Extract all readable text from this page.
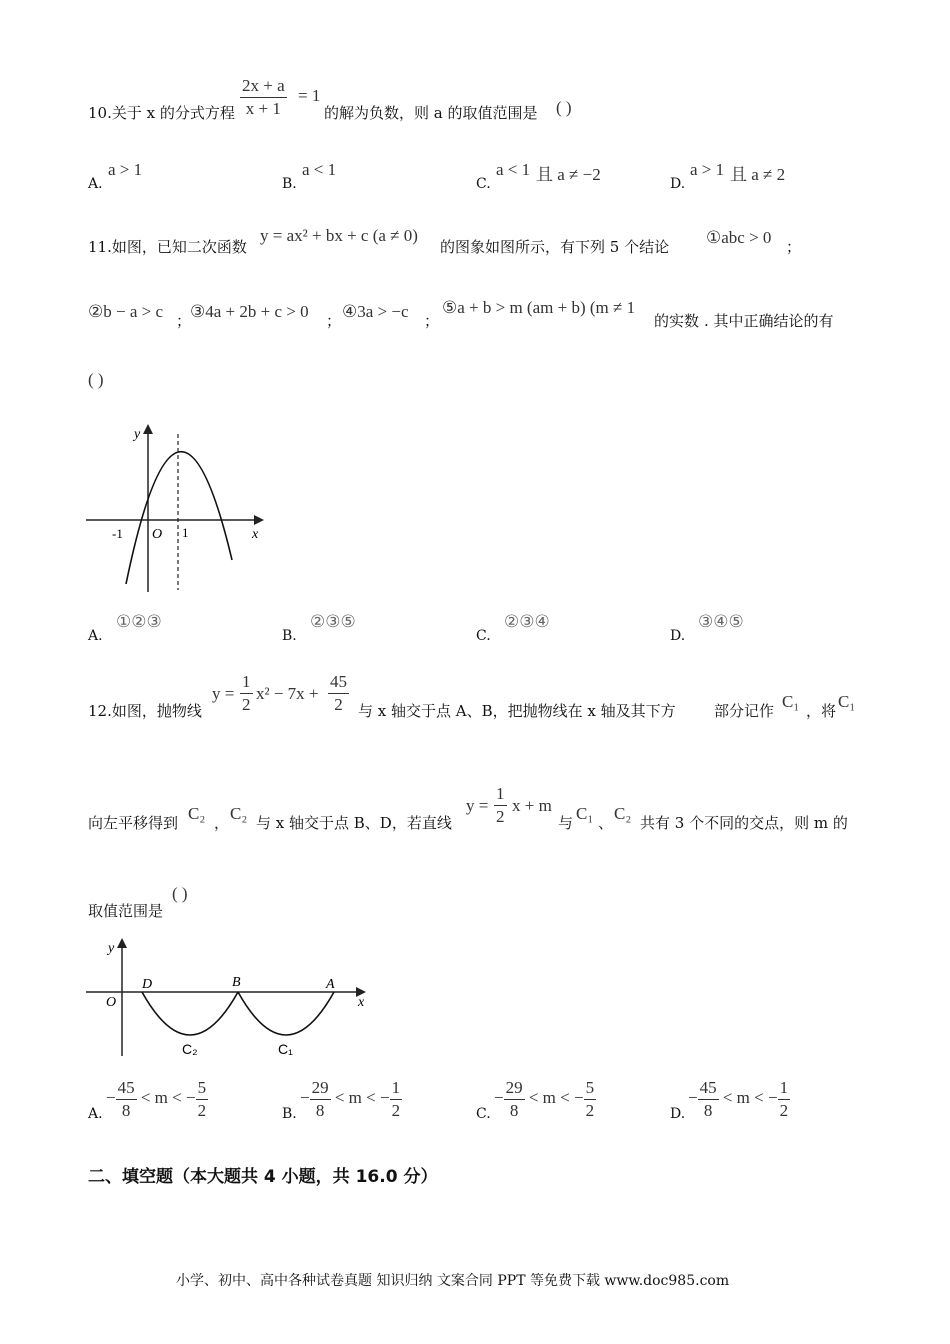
10.关于 x 的分式方程 $\frac{2x + a}{x + 1} = 1$
的解为负数，则 a 的取值范围是 ( )
A.
a > 1
B.
a < 1
C.
a < 1 且 a ≠ −2	D.
a > 1 且 a ≠ 2
11.如图，已知二次函数
y = ax² + bx + c (a ≠ 0)
的图象如图所示，有下列 5 个结论 ①abc > 0 ；
②b − a > c ；
③4a + 2b + c > 0 ； ④3a > −c ；
⑤a + b > m (am + b) (m ≠ 1
的实数 . 其中正确结论的有
( )
y
x
O
-1	1
A.
①②③
B.
②③⑤
C.
②③④
D.
③④⑤
12.如图，抛物线
$y = \frac{1}{2} x^2 - 7x + \frac{45}{2}$ 与 x 轴交于点 A、B，把抛物线在 x 轴及其下方	部分记作 C₁ ，将 C₁
向左平移得到 C₂ ， C₂ 与 x 轴交于点 B、D，若直线
$y = \frac{1}{2}$ x + m
与 C₁ 、 C₂ 共有 3 个不同的交点，则 m 的
取值范围是
( )
y
x
O
D	B	A
C₂	C₁
A.
− $\frac{45}{8} < m$ < − $\frac{5}{2}$	B.
− $\frac{29}{8} < m$ < − $\frac{1}{2}$	C.
− $\frac{29}{8} < m$ < − $\frac{5}{2}$	D.
− $\frac{45}{8} < m$ < − $\frac{1}{2}$
二、填空题（本大题共 4 小题，共 16.0 分）
小学、初中、高中各种试卷真题 知识归纳 文案合同 PPT 等免费下载 www.doc985.com
